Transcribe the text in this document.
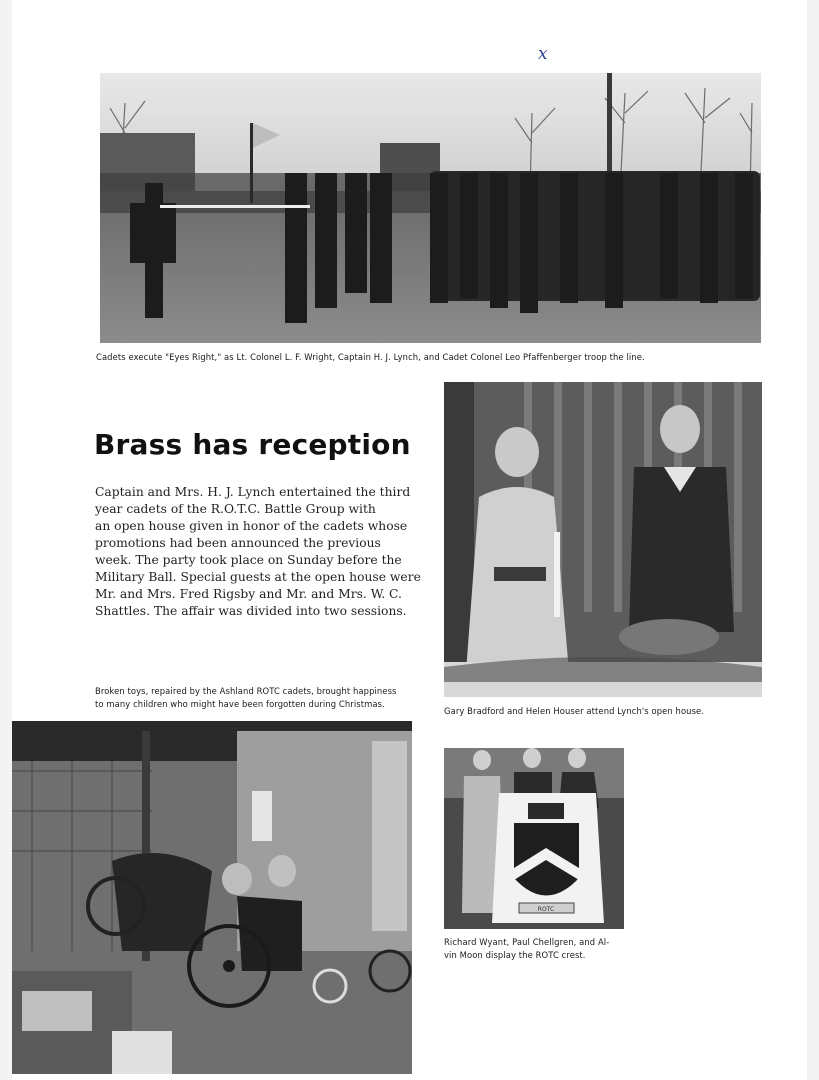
x
Cadets execute "Eyes Right," as Lt. Colonel L. F. Wright, Captain H. J. Lynch, and Cadet Colonel Leo Pfaffenberger troop the line.
Brass has reception
Captain and Mrs. H. J. Lynch entertained the third
year cadets of the R.O.T.C. Battle Group with
an open house given in honor of the cadets whose
promotions had been announced the previous
week. The party took place on Sunday before the
Military Ball. Special guests at the open house were
Mr. and Mrs. Fred Rigsby and Mr. and Mrs. W. C.
Shattles. The affair was divided into two sessions.
Gary Bradford and Helen Houser attend Lynch's open house.
Broken toys, repaired by the Ashland ROTC cadets, brought happiness
to many children who might have been forgotten during Christmas.
ROTC
Richard Wyant, Paul Chellgren, and Al-
vin Moon display the ROTC crest.
